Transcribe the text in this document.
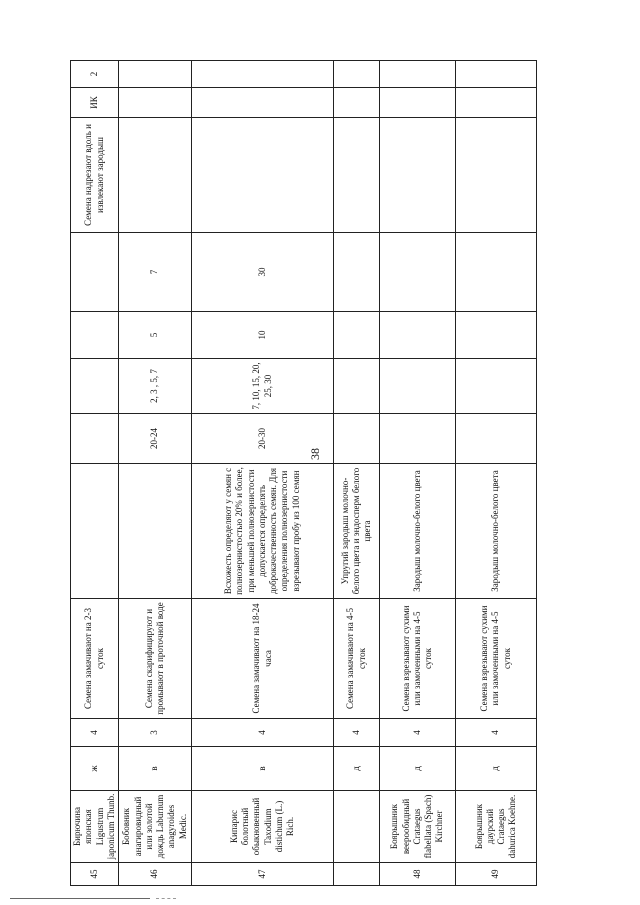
38
45	Бирючина японская Ligustrum japonicum Thunb.	ж	4	Семена замачивают на 2-3 суток						Семена надрезают вдоль и извлекают зародыш	ИК	2
46	Бобовник анагировидный или золотой дождь Laburnum anagyroides Medic.	в	3	Семена скарифицируют и промывают в проточной воде		20-24	2, 3 , 5, 7	5	7			
47	Кипарис болотный обыкновенный Taxodium distichum (L.) Rich.	в	4	Семена замачивают на 18-24 часа	Всхожесть определяют у семян с полнозернистостью 20% и более, при меньшей полнозернистости допускается определять доброкачественность семян. Для определения полнозернистости взрезывают пробу из 100 семян	20-30	7, 10, 15, 20, 25, 30	10	30			
		д	4	Семена замачивают на 4-5 суток	Упругий зародыш молочно-белого цвета и эндосперм белого цвета							
48	Боярышник веерообидный Crataegus flabellata (Spach) Kirchner	д	4	Семена взрезывают сухими или замоченными на 4-5 суток	Зародыш молочно-белого цвета							
49	Боярышник даурский Crataegus dahurica Koehne.	д	4	Семена взрезывают сухими или замоченными на 4-5 суток	Зародыш молочно-белого цвета							
